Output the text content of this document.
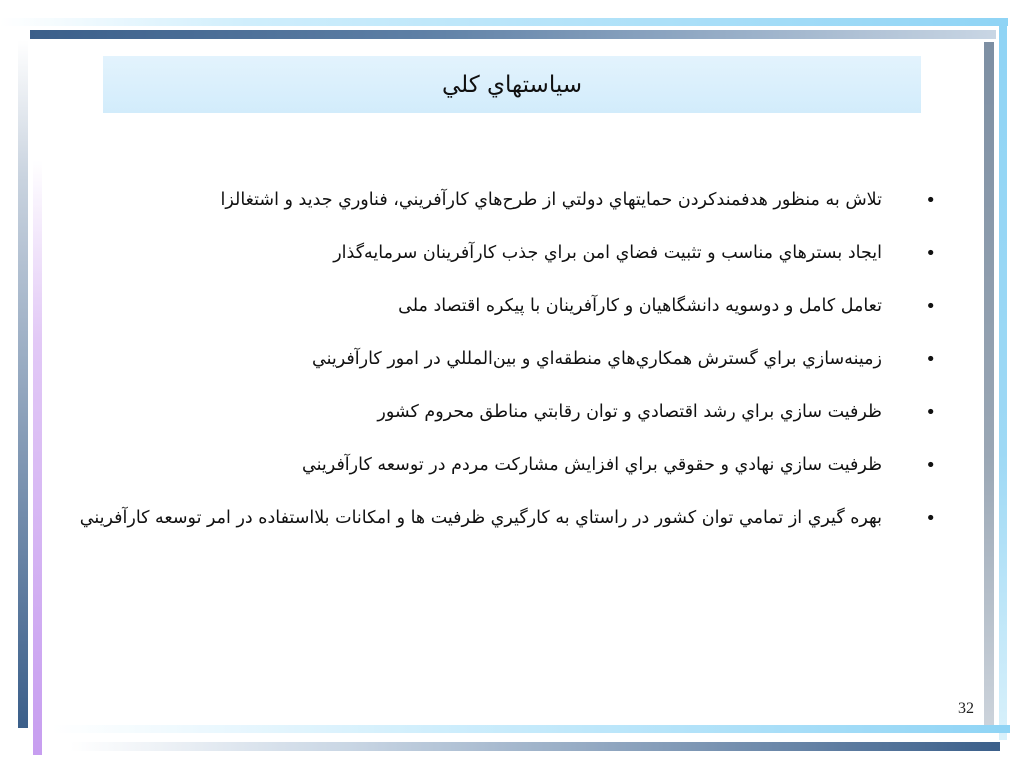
سياستهاي كلي
•
تلاش به منظور هدفمندكردن حمايتهاي دولتي از طرح‌هاي كارآفريني، فناوري جديد و اشتغالزا
•
ايجاد بسترهاي مناسب و تثبيت فضاي امن براي جذب كارآفرينان سرمايه‌گذار
•
تعامل كامل و دوسويه دانشگاهيان و كارآفرينان با پيكره اقتصاد ملی
•
زمينه‌سازي براي گسترش همكاري‌هاي منطقه‌اي و بين‌المللي در امور كارآفريني
•
ظرفيت سازي براي رشد اقتصادي و توان رقابتي مناطق محروم كشور
•
ظرفيت سازي نهادي و حقوقي براي افزايش مشاركت مردم در توسعه كارآفريني
•
بهره گيري از تمامي توان كشور در راستاي به كارگيري ظرفيت ها و امكانات بلااستفاده در امر توسعه كارآفريني
32
